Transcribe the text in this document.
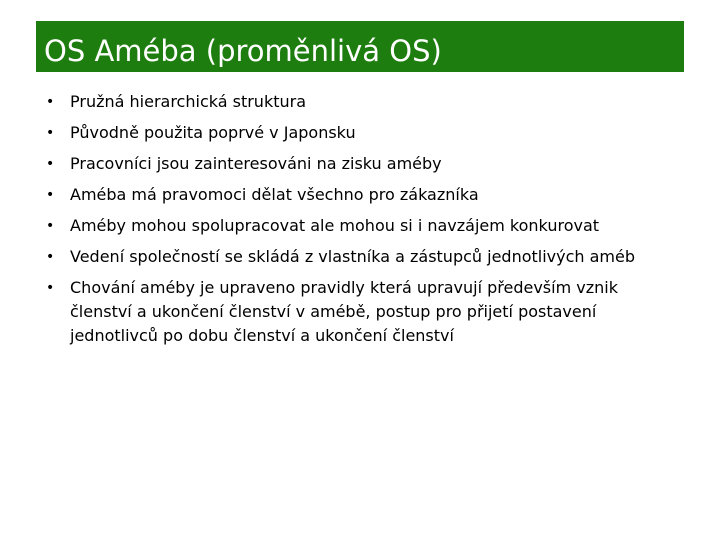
OS Améba (proměnlivá OS)
• Pružná hierarchická struktura
• Původně použita poprvé v Japonsku
• Pracovníci jsou zainteresováni na zisku améby
• Améba má pravomoci dělat všechno pro zákazníka
• Améby mohou spolupracovat ale mohou si i navzájem konkurovat
• Vedení společností se skládá z vlastníka a zástupců jednotlivých améb
• Chování améby je upraveno pravidly která upravují především vznik členství a ukončení členství v amébě, postup pro přijetí postavení jednotlivců po dobu členství a ukončení členství
